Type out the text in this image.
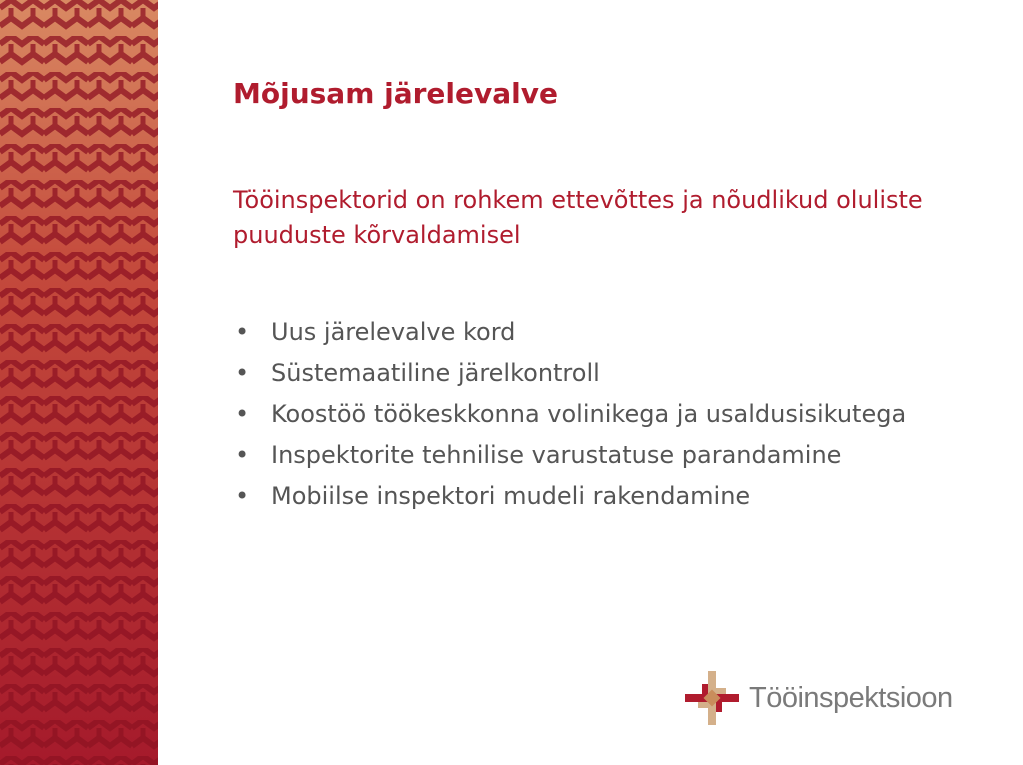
Mõjusam järelevalve

Tööinspektorid on rohkem ettevõttes ja nõudlikud oluliste puuduste kõrvaldamisel

• Uus järelevalve kord
• Süstemaatiline järelkontroll
• Koostöö töökeskkonna volinikega ja usaldusisikutega
• Inspektorite tehnilise varustatuse parandamine
• Mobiilse inspektori mudeli rakendamine
Tööinspektsioon
